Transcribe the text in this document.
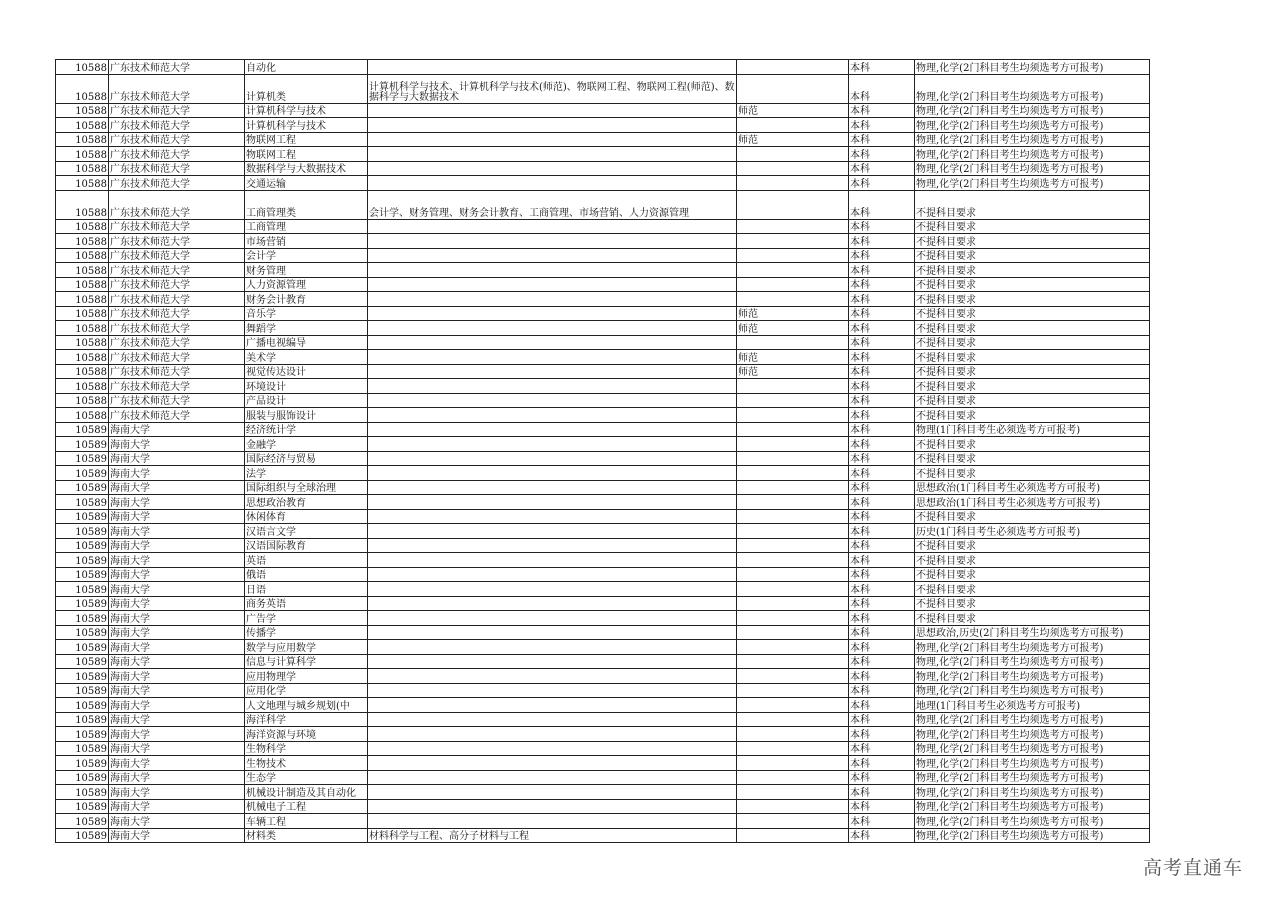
10588	广东技术师范大学	自动化			本科	物理,化学(2门科目考生均须选考方可报考)
10588	广东技术师范大学	计算机类	计算机科学与技术、计算机科学与技术(师范)、物联网工程、物联网工程(师范)、数据科学与大数据技术		本科	物理,化学(2门科目考生均须选考方可报考)
10588	广东技术师范大学	计算机科学与技术		师范	本科	物理,化学(2门科目考生均须选考方可报考)
10588	广东技术师范大学	计算机科学与技术			本科	物理,化学(2门科目考生均须选考方可报考)
10588	广东技术师范大学	物联网工程		师范	本科	物理,化学(2门科目考生均须选考方可报考)
10588	广东技术师范大学	物联网工程			本科	物理,化学(2门科目考生均须选考方可报考)
10588	广东技术师范大学	数据科学与大数据技术			本科	物理,化学(2门科目考生均须选考方可报考)
10588	广东技术师范大学	交通运输			本科	物理,化学(2门科目考生均须选考方可报考)
10588	广东技术师范大学	工商管理类	会计学、财务管理、财务会计教育、工商管理、市场营销、人力资源管理		本科	不提科目要求
10588	广东技术师范大学	工商管理			本科	不提科目要求
10588	广东技术师范大学	市场营销			本科	不提科目要求
10588	广东技术师范大学	会计学			本科	不提科目要求
10588	广东技术师范大学	财务管理			本科	不提科目要求
10588	广东技术师范大学	人力资源管理			本科	不提科目要求
10588	广东技术师范大学	财务会计教育			本科	不提科目要求
10588	广东技术师范大学	音乐学		师范	本科	不提科目要求
10588	广东技术师范大学	舞蹈学		师范	本科	不提科目要求
10588	广东技术师范大学	广播电视编导			本科	不提科目要求
10588	广东技术师范大学	美术学		师范	本科	不提科目要求
10588	广东技术师范大学	视觉传达设计		师范	本科	不提科目要求
10588	广东技术师范大学	环境设计			本科	不提科目要求
10588	广东技术师范大学	产品设计			本科	不提科目要求
10588	广东技术师范大学	服装与服饰设计			本科	不提科目要求
10589	海南大学	经济统计学			本科	物理(1门科目考生必须选考方可报考)
10589	海南大学	金融学			本科	不提科目要求
10589	海南大学	国际经济与贸易			本科	不提科目要求
10589	海南大学	法学			本科	不提科目要求
10589	海南大学	国际组织与全球治理			本科	思想政治(1门科目考生必须选考方可报考)
10589	海南大学	思想政治教育			本科	思想政治(1门科目考生必须选考方可报考)
10589	海南大学	休闲体育			本科	不提科目要求
10589	海南大学	汉语言文学			本科	历史(1门科目考生必须选考方可报考)
10589	海南大学	汉语国际教育			本科	不提科目要求
10589	海南大学	英语			本科	不提科目要求
10589	海南大学	俄语			本科	不提科目要求
10589	海南大学	日语			本科	不提科目要求
10589	海南大学	商务英语			本科	不提科目要求
10589	海南大学	广告学			本科	不提科目要求
10589	海南大学	传播学			本科	思想政治,历史(2门科目考生均须选考方可报考)
10589	海南大学	数学与应用数学			本科	物理,化学(2门科目考生均须选考方可报考)
10589	海南大学	信息与计算科学			本科	物理,化学(2门科目考生均须选考方可报考)
10589	海南大学	应用物理学			本科	物理,化学(2门科目考生均须选考方可报考)
10589	海南大学	应用化学			本科	物理,化学(2门科目考生均须选考方可报考)
10589	海南大学	人文地理与城乡规划(中			本科	地理(1门科目考生必须选考方可报考)
10589	海南大学	海洋科学			本科	物理,化学(2门科目考生均须选考方可报考)
10589	海南大学	海洋资源与环境			本科	物理,化学(2门科目考生均须选考方可报考)
10589	海南大学	生物科学			本科	物理,化学(2门科目考生均须选考方可报考)
10589	海南大学	生物技术			本科	物理,化学(2门科目考生均须选考方可报考)
10589	海南大学	生态学			本科	物理,化学(2门科目考生均须选考方可报考)
10589	海南大学	机械设计制造及其自动化			本科	物理,化学(2门科目考生均须选考方可报考)
10589	海南大学	机械电子工程			本科	物理,化学(2门科目考生均须选考方可报考)
10589	海南大学	车辆工程			本科	物理,化学(2门科目考生均须选考方可报考)
10589	海南大学	材料类	材料科学与工程、高分子材料与工程		本科	物理,化学(2门科目考生均须选考方可报考)
高考直通车
